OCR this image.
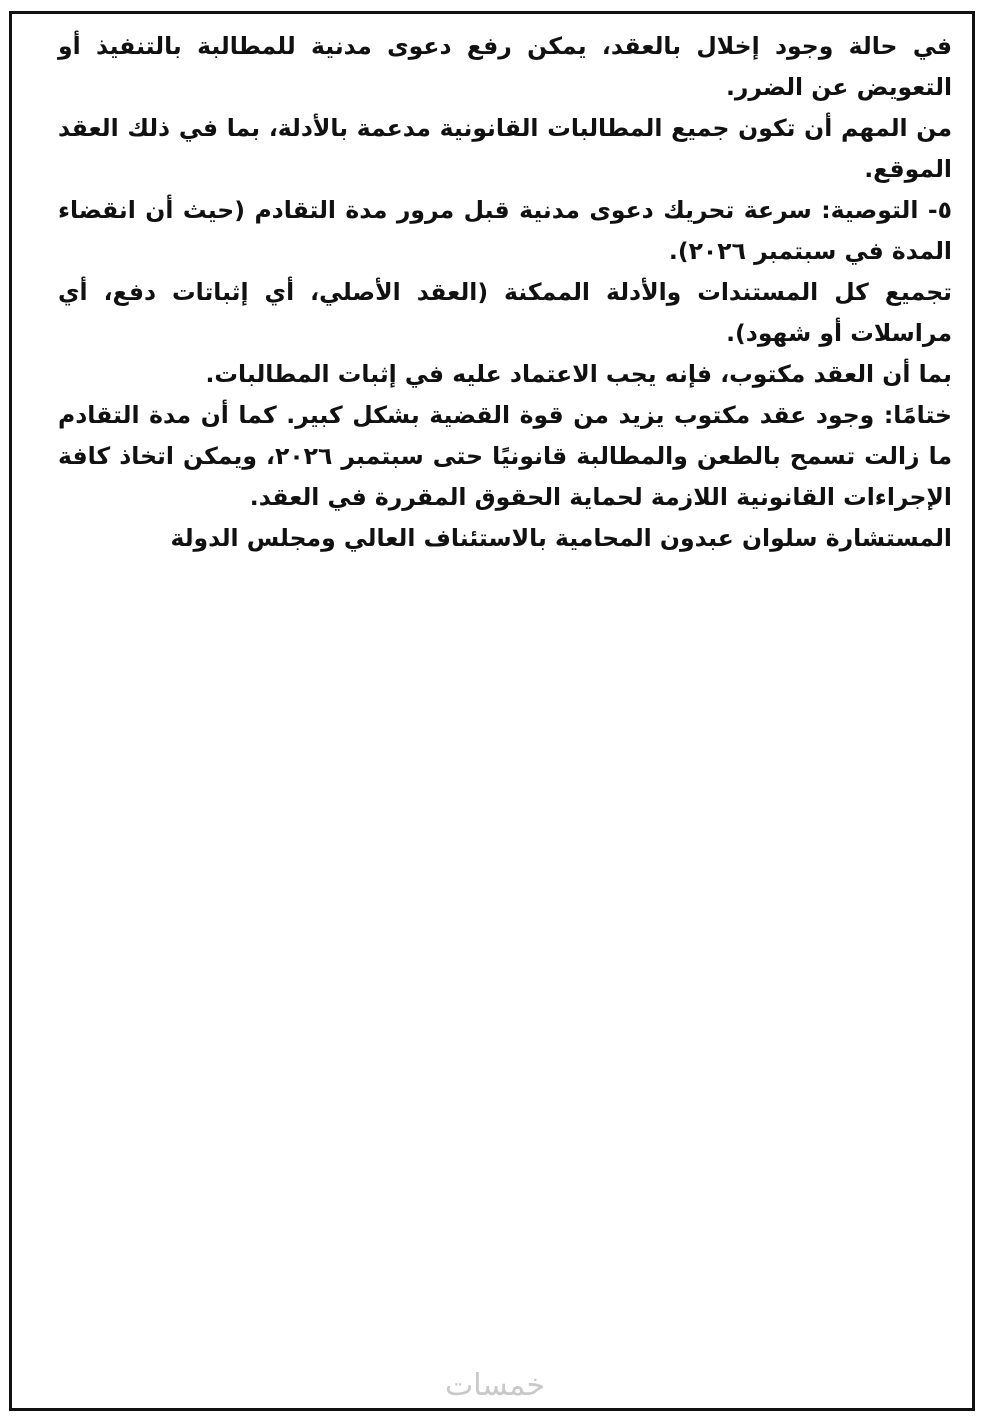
في حالة وجود إخلال بالعقد، يمكن رفع دعوى مدنية للمطالبة بالتنفيذ أو التعويض عن الضرر.

من المهم أن تكون جميع المطالبات القانونية مدعمة بالأدلة، بما في ذلك العقد الموقع.

٥- التوصية: سرعة تحريك دعوى مدنية قبل مرور مدة التقادم (حيث أن انقضاء المدة في سبتمبر ٢٠٢٦).

تجميع كل المستندات والأدلة الممكنة (العقد الأصلي، أي إثباتات دفع، أي مراسلات أو شهود).

بما أن العقد مكتوب، فإنه يجب الاعتماد عليه في إثبات المطالبات.

ختامًا: وجود عقد مكتوب يزيد من قوة القضية بشكل كبير. كما أن مدة التقادم ما زالت تسمح بالطعن والمطالبة قانونيًا حتى سبتمبر ٢٠٢٦، ويمكن اتخاذ كافة الإجراءات القانونية اللازمة لحماية الحقوق المقررة في العقد.

المستشارة سلوان عبدون المحامية بالاستئناف العالي ومجلس الدولة

خمسات
